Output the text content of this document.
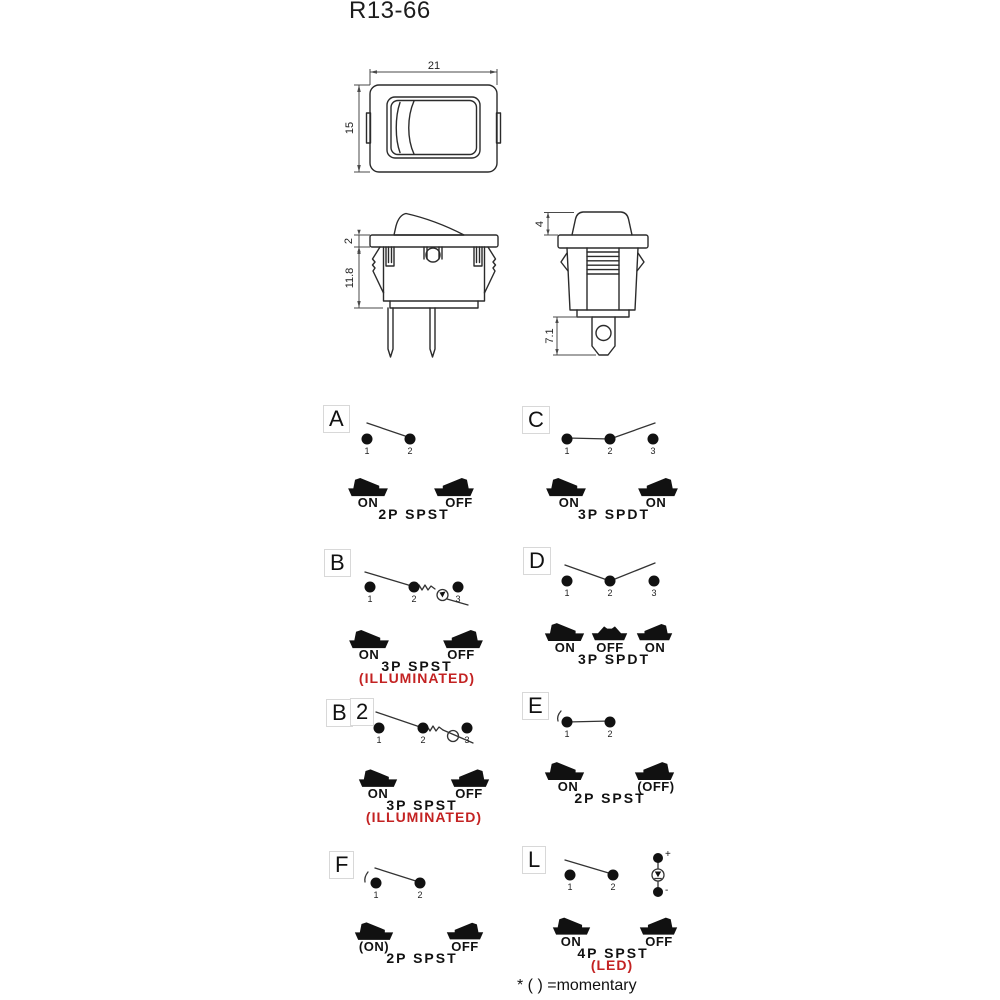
R13-66
21
15
2
11.8
4
7.1
A
1	2
ON	OFF
2P SPST
C
1	2	3
ON	ON
3P SPDT
B
1	2	3
ON	OFF
3P SPST
(ILLUMINATED)
D
1	2	3
ON OFF ON
3P SPDT
B 2
1	2	3
ON	OFF
3P SPST
(ILLUMINATED)
E
1	2
ON	(OFF)
2P SPST
F
1	2
(ON)	OFF
2P SPST
L
1	2
+
-
ON	OFF
4P SPST
(LED)
* ( ) =momentary
